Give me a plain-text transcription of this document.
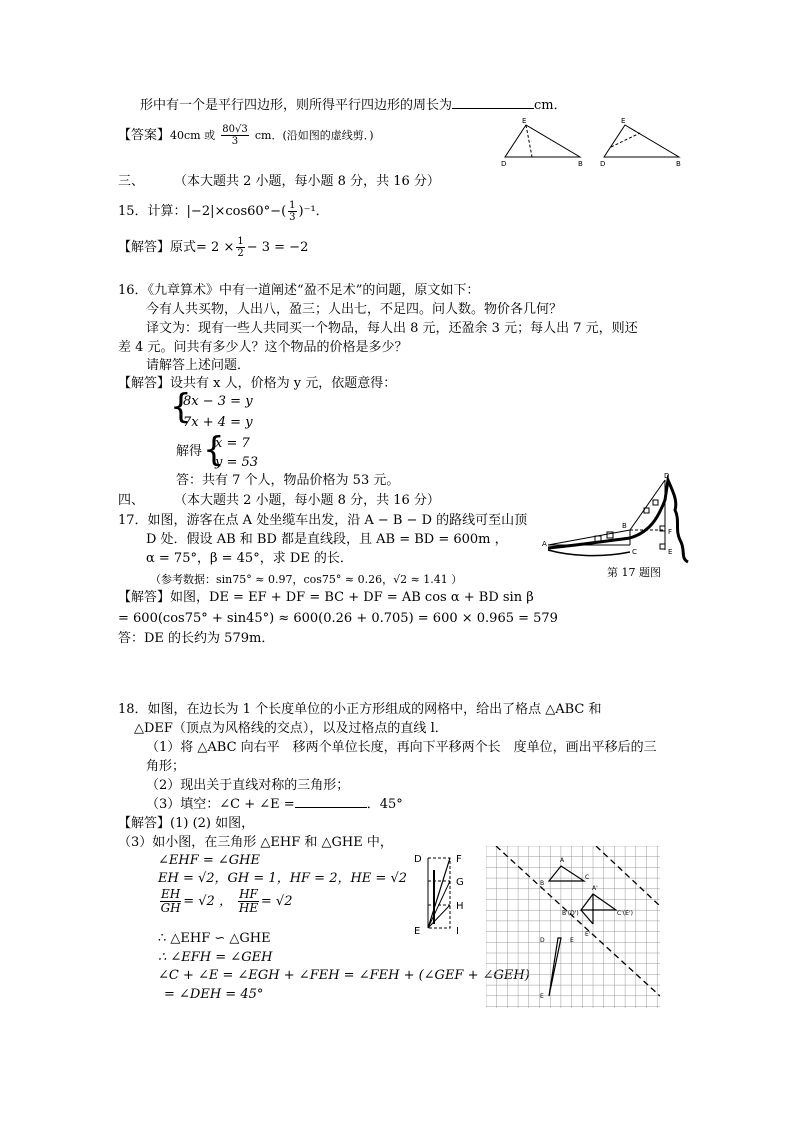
形中有一个是平行四边形，则所得平行四边形的周长为	cm．
【答案】40cm 或 $\frac{80√3}{3}$ cm．(沿如图的虚线剪．)
E
D	B
E
D	B
三、 （本大题共 2 小题，每小题 8 分，共 16 分）
15．计算：$|-2|\times\cos 60^\circ-( \frac{1}{3} )^{-1}$．
【解答】原式= $2 \times \frac{1}{2} - 3 = -2$
16．《九章算术》中有一道阐述“盈不足术”的问题，原文如下：
今有人共买物，人出八，盈三；人出七，不足四。问人数。物价各几何？
译文为：现有一些人共同买一个物品，每人出 8 元，还盈余 3 元；每人出 7 元，则还
差 4 元。问共有多少人？这个物品的价格是多少？
请解答上述问题．
【解答】设共有 x 人，价格为 y 元，依题意得：
{
8x − 3 = y
7x + 4 = y
解得 {
x = 7
y = 53
答：共有 7 个人，物品价格为 53 元。
四、 （本大题共 2 小题，每小题 8 分，共 16 分）
17．如图，游客在点 A 处坐缆车出发，沿 A − B − D 的路线可至山顶
D 处．假设 AB 和 BD 都是直线段，且 AB = BD = 600m ，
α = 75°，β = 45°，求 DE 的长．
（参考数据：sin75° ≈ 0.97，cos75° ≈ 0.26，√2 ≈ 1.41 ）
【解答】如图，DE = EF + DF = BC + DF = AB cos α + BD sin β
= 600(cos75° + sin45°) ≈ 600(0.26 + 0.705) = 600 × 0.965 = 579
答：DE 的长约为 579m．
A
B
C
D
E
F
第 17 题图
18．如图，在边长为 1 个长度单位的小正方形组成的网格中，给出了格点 △ABC 和
△DEF（顶点为风格线的交点），以及过格点的直线 l．
（1）将 △ABC 向右平　移两个单位长度，再向下平移两个长　度单位，画出平移后的三
角形；
（2）现出关于直线对称的三角形；
（3）填空：∠C + ∠E =	．45°
【解答】(1) (2) 如图，
（3）如小图，在三角形 △EHF 和 △GHE 中，
∠EHF = ∠GHE
EH = √2，GH = 1，HF = 2，HE = √2
$\frac{EH}{GH} = √2$ ， $\frac{HF}{HE} = √2$
∴ △EHF ∽ △GHE
∴ ∠EFH = ∠GEH
∠C + ∠E = ∠EGH + ∠FEH = ∠FEH + (∠GEF + ∠GEH)
= ∠DEH = 45°
D	F
G
H
E	I
A
B
C
A'
B'(D')	C'(E')
E'
D	E
E
